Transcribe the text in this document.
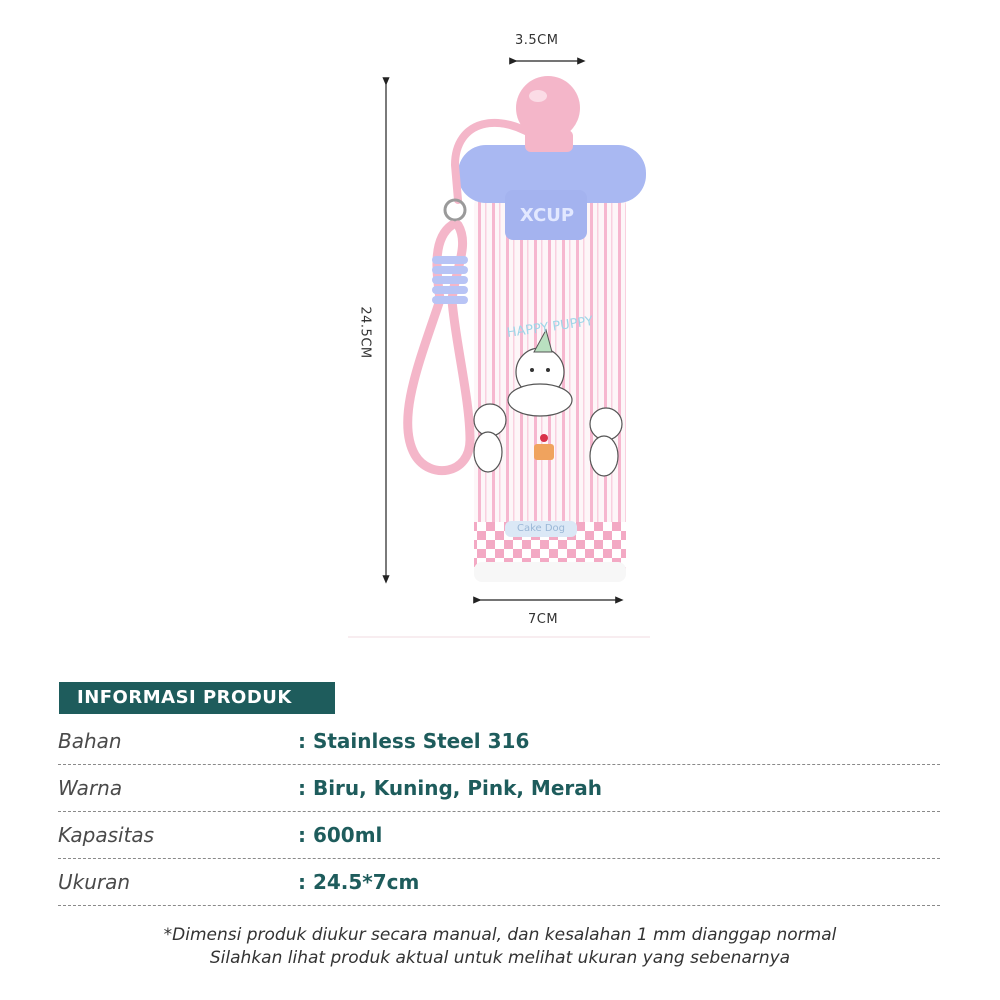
3.5CM
24.5CM
7CM
XCUP
HAPPY PUPPY
Cake Dog
INFORMASI PRODUK
Bahan	: Stainless Steel 316
Warna	: Biru, Kuning, Pink, Merah
Kapasitas	: 600ml
Ukuran	: 24.5*7cm
*Dimensi produk diukur secara manual, dan kesalahan 1 mm dianggap normal
Silahkan lihat produk aktual untuk melihat ukuran yang sebenarnya
